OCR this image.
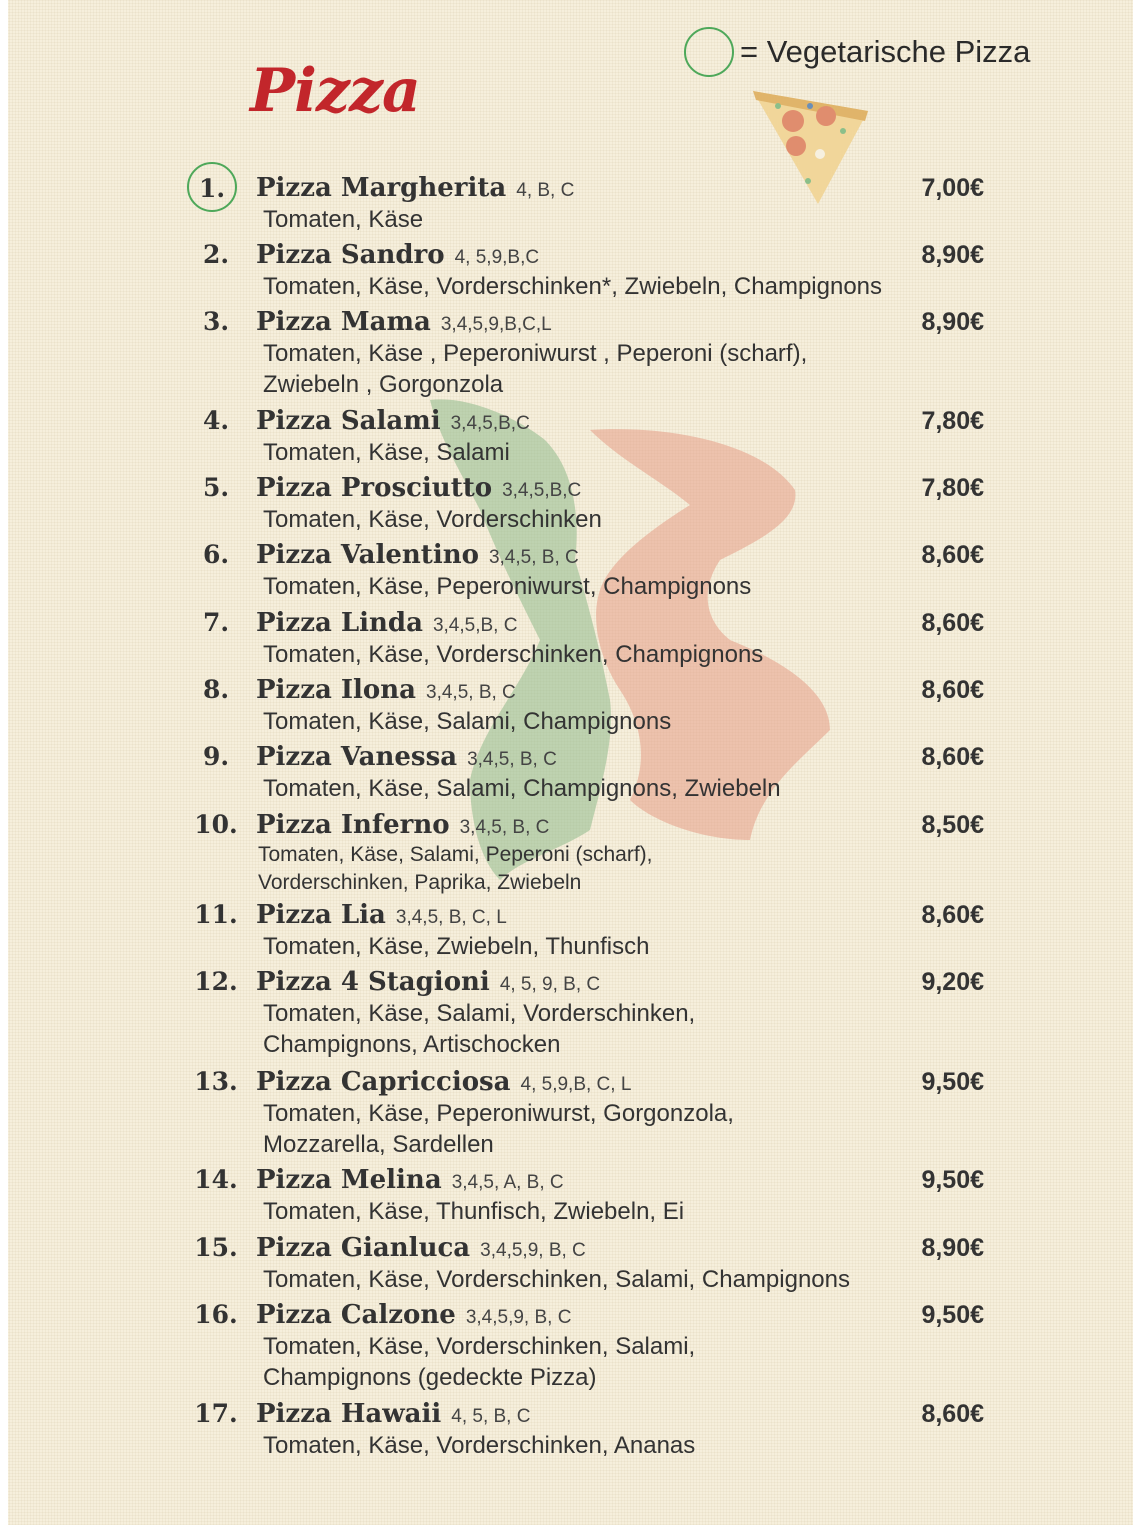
Pizza
= Vegetarische Pizza
1.	Pizza Margherita 4, B, C	7,00€
Tomaten, Käse
2.	Pizza Sandro 4, 5,9,B,C	8,90€
Tomaten, Käse, Vorderschinken*, Zwiebeln, Champignons
3.	Pizza Mama 3,4,5,9,B,C,L	8,90€
Tomaten, Käse , Peperoniwurst , Peperoni (scharf),
Zwiebeln , Gorgonzola
4.	Pizza Salami 3,4,5,B,C	7,80€
Tomaten, Käse, Salami
5.	Pizza Prosciutto 3,4,5,B,C	7,80€
Tomaten, Käse, Vorderschinken
6.	Pizza Valentino 3,4,5, B, C	8,60€
Tomaten, Käse, Peperoniwurst, Champignons
7.	Pizza Linda 3,4,5,B, C	8,60€
Tomaten, Käse, Vorderschinken, Champignons
8.	Pizza Ilona 3,4,5, B, C	8,60€
Tomaten, Käse, Salami, Champignons
9.	Pizza Vanessa 3,4,5, B, C	8,60€
Tomaten, Käse, Salami, Champignons, Zwiebeln
10. Pizza Inferno 3,4,5, B, C	8,50€
Tomaten, Käse, Salami, Peperoni (scharf),
Vorderschinken, Paprika, Zwiebeln
11. Pizza Lia 3,4,5, B, C, L	8,60€
Tomaten, Käse, Zwiebeln, Thunfisch
12. Pizza 4 Stagioni 4, 5, 9, B, C	9,20€
Tomaten, Käse, Salami, Vorderschinken,
Champignons, Artischocken
13. Pizza Capricciosa 4, 5,9,B, C, L	9,50€
Tomaten, Käse, Peperoniwurst, Gorgonzola,
Mozzarella, Sardellen
14. Pizza Melina 3,4,5, A, B, C	9,50€
Tomaten, Käse, Thunfisch, Zwiebeln, Ei
15. Pizza Gianluca 3,4,5,9, B, C	8,90€
Tomaten, Käse, Vorderschinken, Salami, Champignons
16. Pizza Calzone 3,4,5,9, B, C	9,50€
Tomaten, Käse, Vorderschinken, Salami,
Champignons (gedeckte Pizza)
17. Pizza Hawaii 4, 5, B, C	8,60€
Tomaten, Käse, Vorderschinken, Ananas
